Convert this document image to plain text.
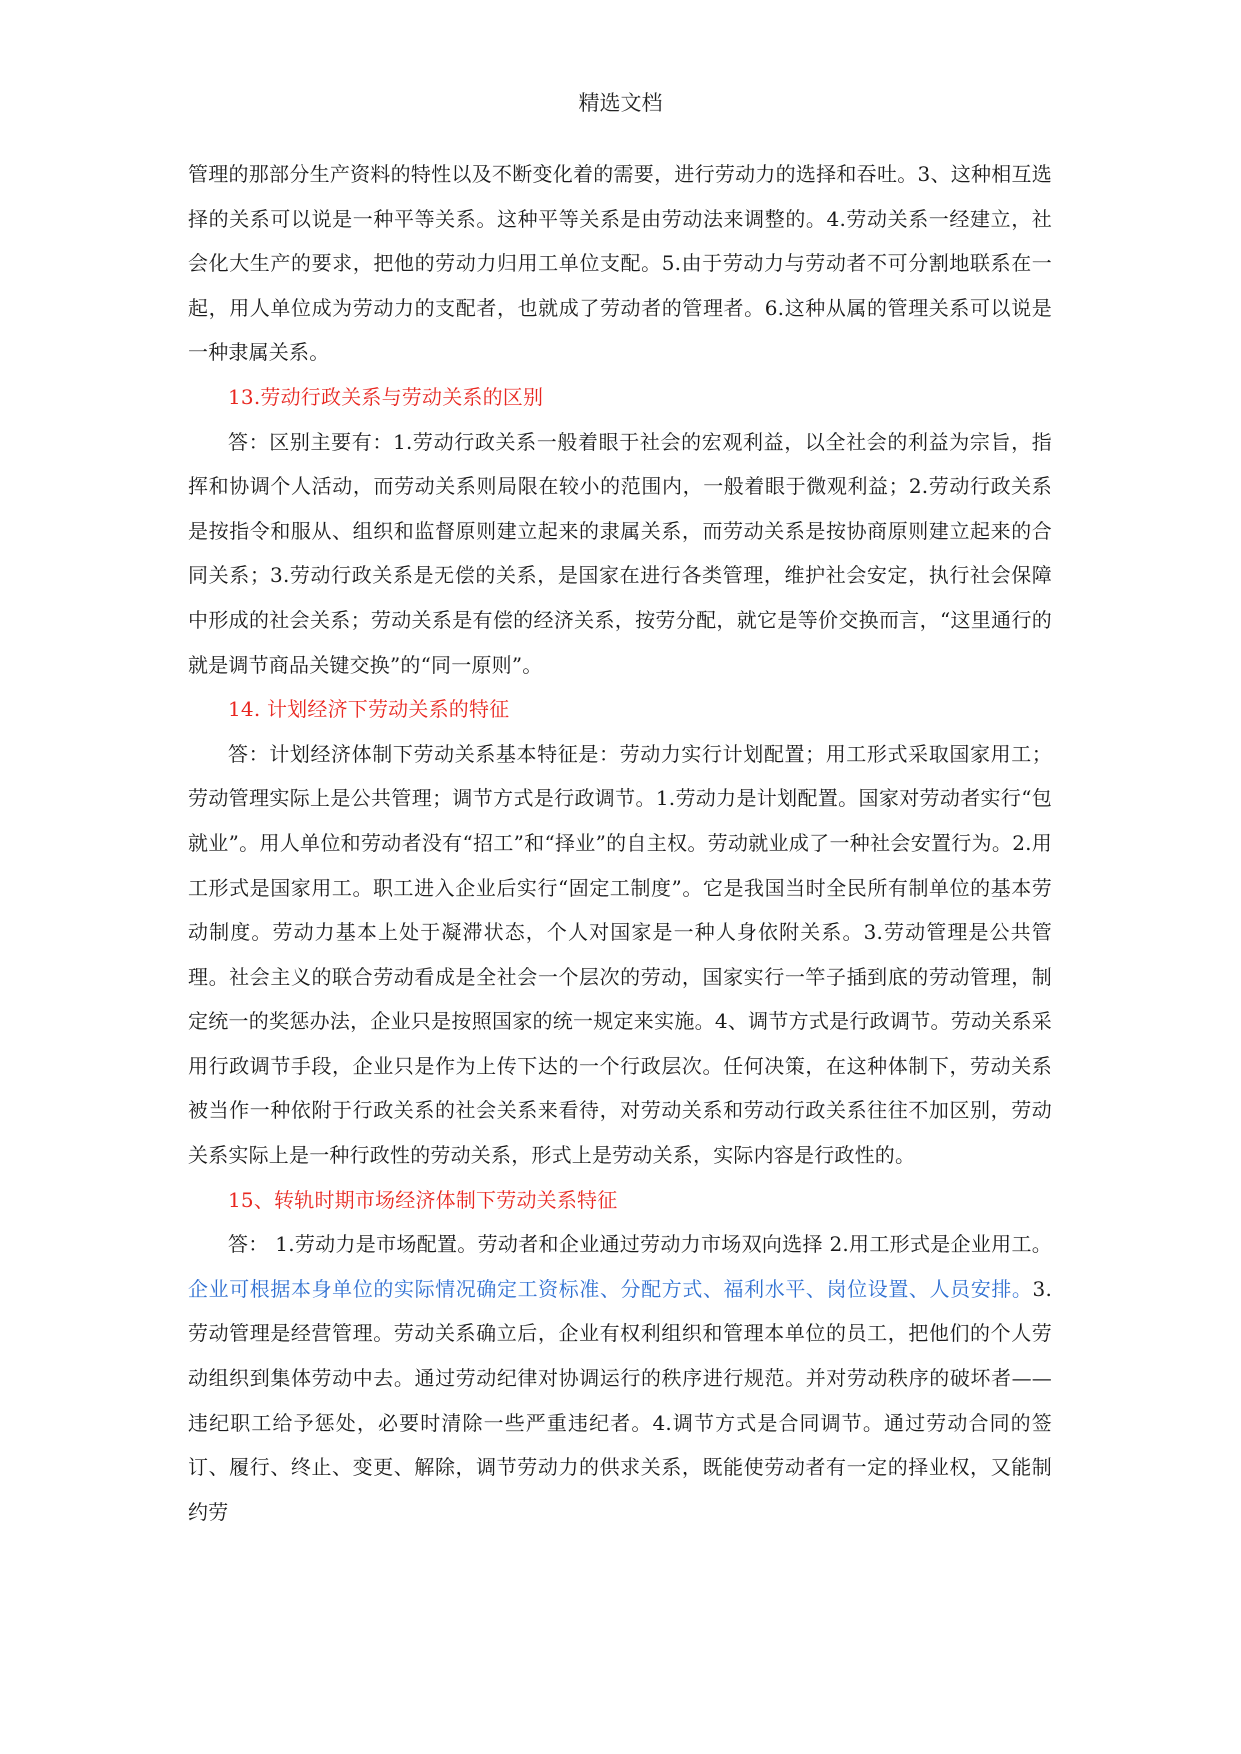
精选文档

管理的那部分生产资料的特性以及不断变化着的需要，进行劳动力的选择和吞吐。3、这种相互选择的关系可以说是一种平等关系。这种平等关系是由劳动法来调整的。4.劳动关系一经建立，社会化大生产的要求，把他的劳动力归用工单位支配。5.由于劳动力与劳动者不可分割地联系在一起，用人单位成为劳动力的支配者，也就成了劳动者的管理者。6.这种从属的管理关系可以说是一种隶属关系。

13.劳动行政关系与劳动关系的区别

答：区别主要有：1.劳动行政关系一般着眼于社会的宏观利益，以全社会的利益为宗旨，指挥和协调个人活动，而劳动关系则局限在较小的范围内，一般着眼于微观利益；2.劳动行政关系是按指令和服从、组织和监督原则建立起来的隶属关系，而劳动关系是按协商原则建立起来的合同关系；3.劳动行政关系是无偿的关系，是国家在进行各类管理，维护社会安定，执行社会保障中形成的社会关系；劳动关系是有偿的经济关系，按劳分配，就它是等价交换而言，“这里通行的就是调节商品关键交换”的“同一原则”。

14. 计划经济下劳动关系的特征

答：计划经济体制下劳动关系基本特征是：劳动力实行计划配置；用工形式采取国家用工；劳动管理实际上是公共管理；调节方式是行政调节。1.劳动力是计划配置。国家对劳动者实行“包就业”。用人单位和劳动者没有“招工”和“择业”的自主权。劳动就业成了一种社会安置行为。2.用工形式是国家用工。职工进入企业后实行“固定工制度”。它是我国当时全民所有制单位的基本劳动制度。劳动力基本上处于凝滞状态，个人对国家是一种人身依附关系。3.劳动管理是公共管理。社会主义的联合劳动看成是全社会一个层次的劳动，国家实行一竿子插到底的劳动管理，制定统一的奖惩办法，企业只是按照国家的统一规定来实施。4、调节方式是行政调节。劳动关系采用行政调节手段，企业只是作为上传下达的一个行政层次。任何决策，在这种体制下，劳动关系被当作一种依附于行政关系的社会关系来看待，对劳动关系和劳动行政关系往往不加区别，劳动关系实际上是一种行政性的劳动关系，形式上是劳动关系，实际内容是行政性的。

15、转轨时期市场经济体制下劳动关系特征

答： 1.劳动力是市场配置。劳动者和企业通过劳动力市场双向选择 2.用工形式是企业用工。企业可根据本身单位的实际情况确定工资标准、分配方式、福利水平、岗位设置、人员安排。3.劳动管理是经营管理。劳动关系确立后，企业有权利组织和管理本单位的员工，把他们的个人劳动组织到集体劳动中去。通过劳动纪律对协调运行的秩序进行规范。并对劳动秩序的破坏者——违纪职工给予惩处，必要时清除一些严重违纪者。4.调节方式是合同调节。通过劳动合同的签订、履行、终止、变更、解除，调节劳动力的供求关系，既能使劳动者有一定的择业权，又能制约劳
